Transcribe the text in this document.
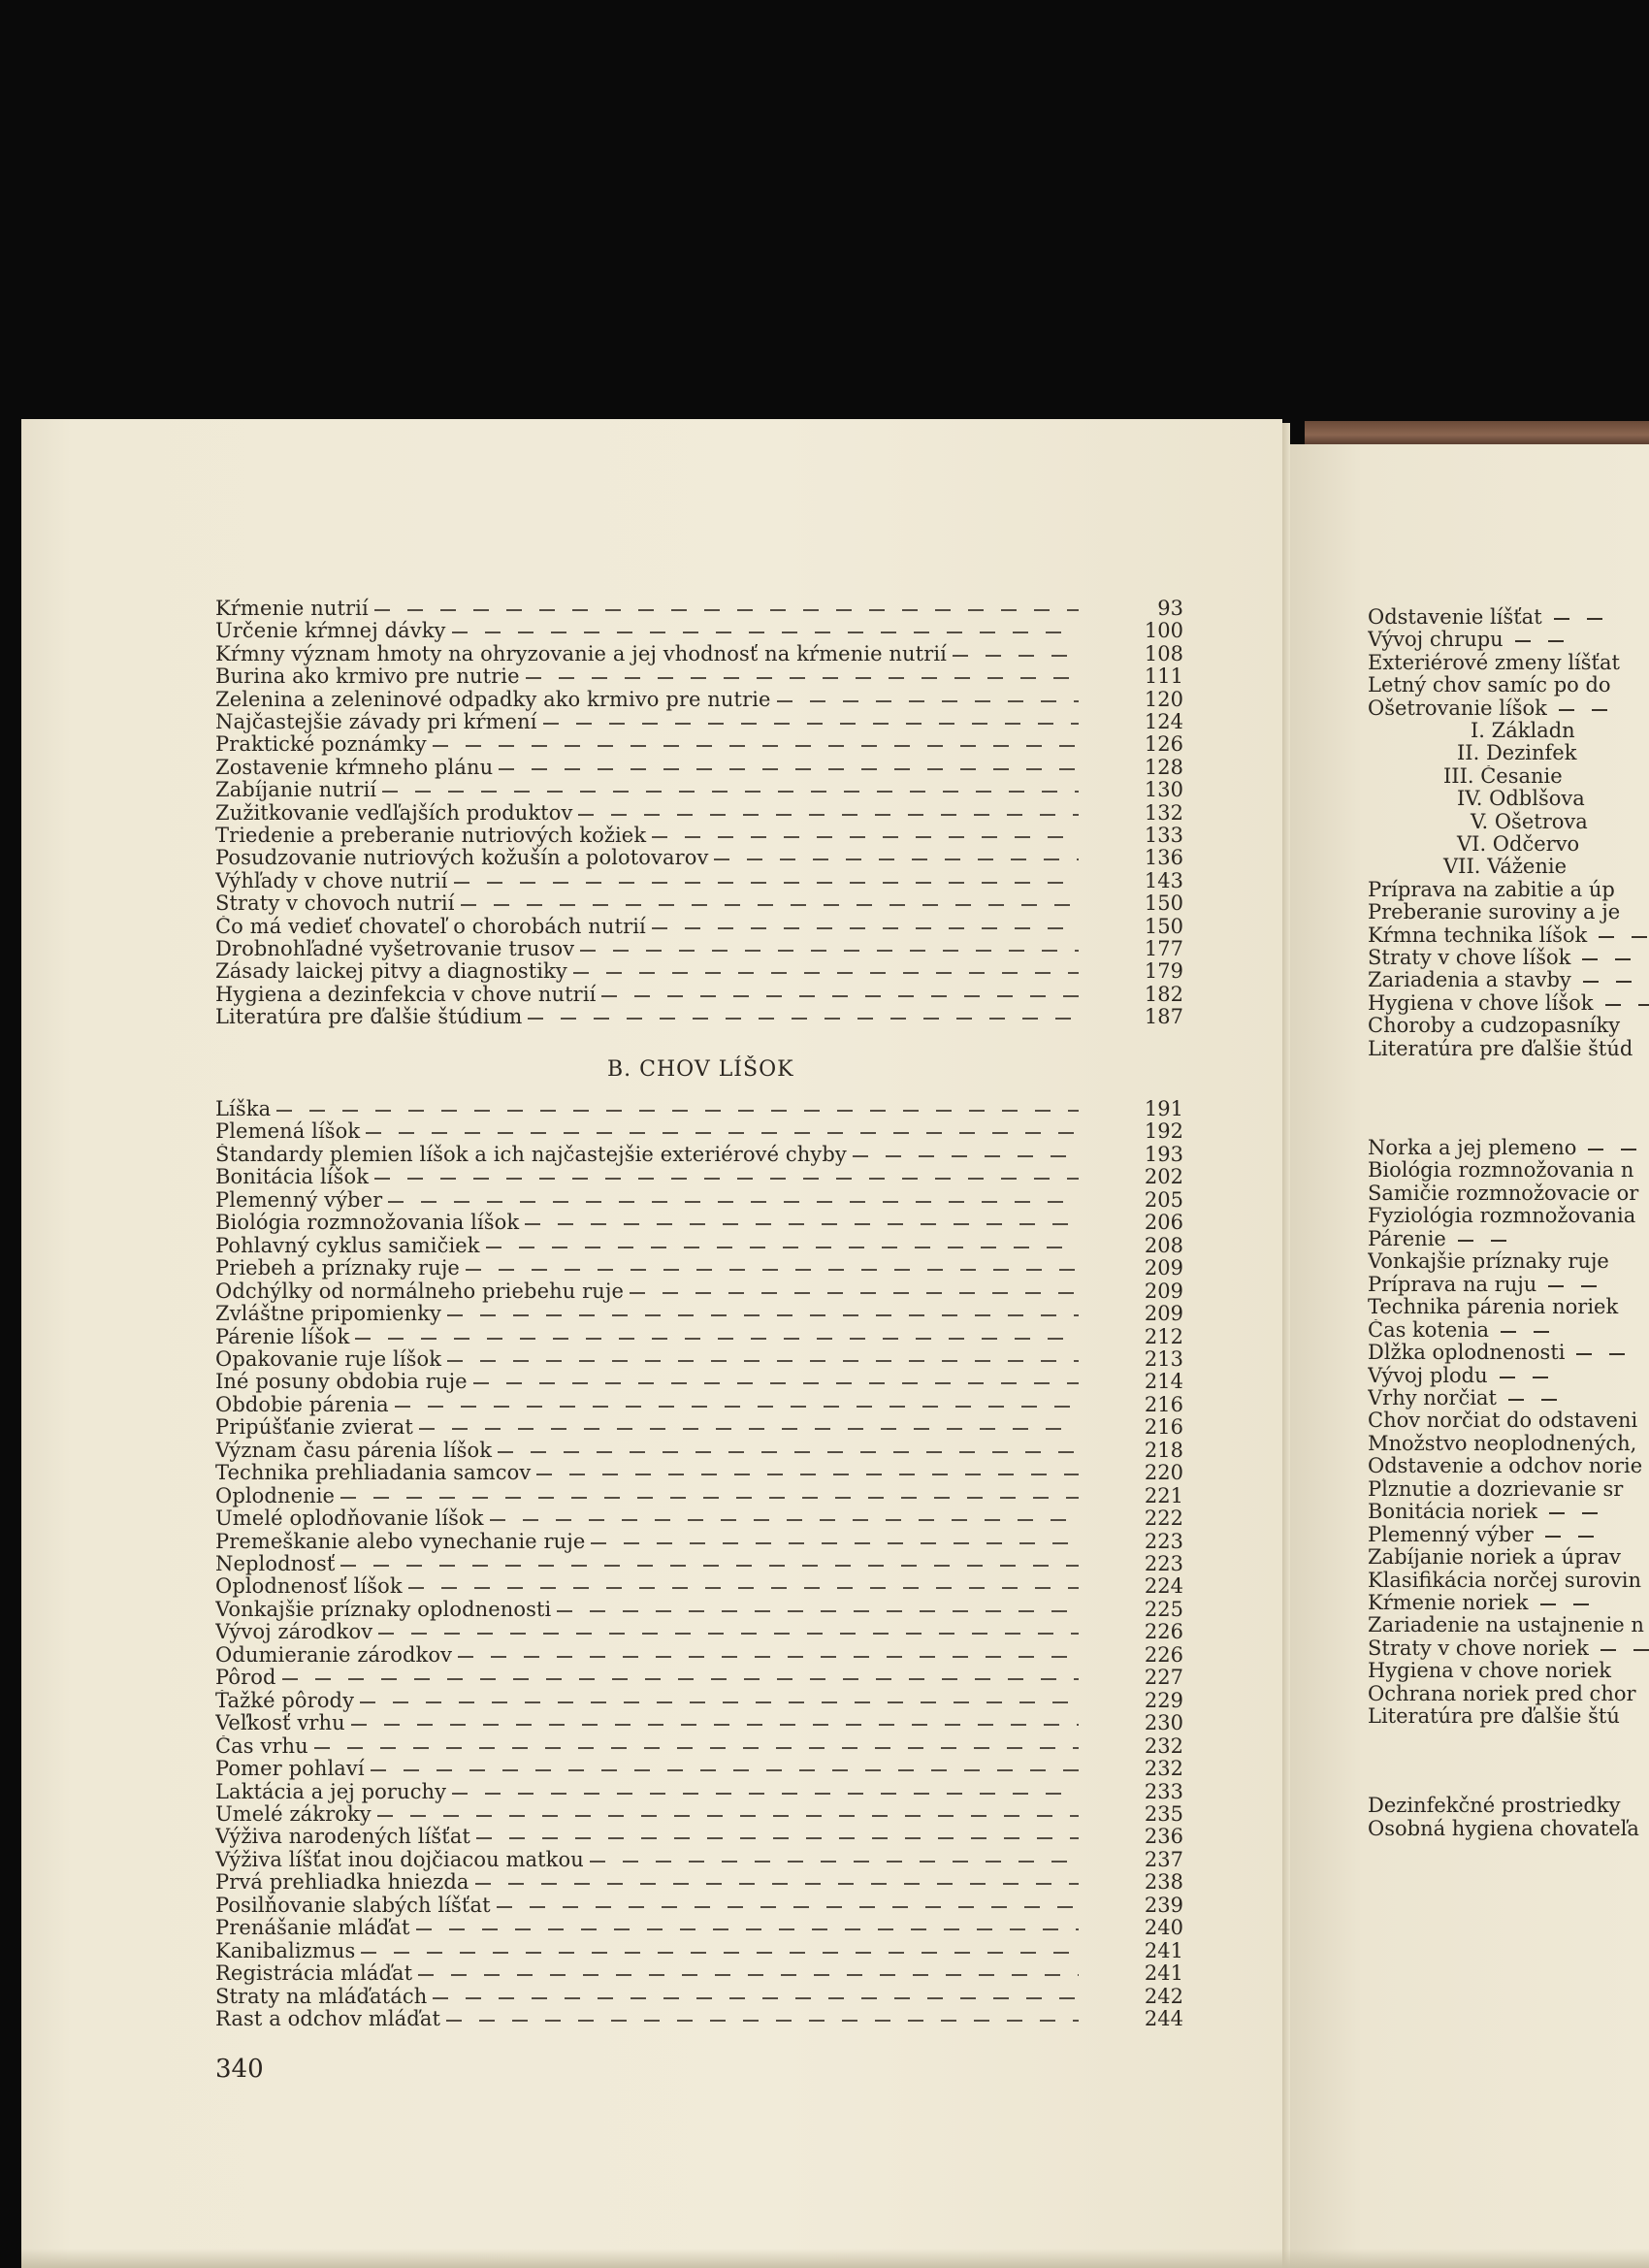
Kŕmenie nutrií	93
Určenie kŕmnej dávky	100
Kŕmny význam hmoty na ohryzovanie a jej vhodnosť na kŕmenie nutrií	108
Burina ako krmivo pre nutrie	111
Zelenina a zeleninové odpadky ako krmivo pre nutrie	120
Najčastejšie závady pri kŕmení	124
Praktické poznámky	126
Zostavenie kŕmneho plánu	128
Zabíjanie nutrií	130
Zužitkovanie vedľajších produktov	132
Triedenie a preberanie nutriových kožiek	133
Posudzovanie nutriových kožušín a polotovarov	136
Výhľady v chove nutrií	143
Straty v chovoch nutrií	150
Čo má vedieť chovateľ o chorobách nutrií	150
Drobnohľadné vyšetrovanie trusov	177
Zásady laickej pitvy a diagnostiky	179
Hygiena a dezinfekcia v chove nutrií	182
Literatúra pre ďalšie štúdium	187
B. CHOV LÍŠOK
Líška	191
Plemená líšok	192
Štandardy plemien líšok a ich najčastejšie exteriérové chyby	193
Bonitácia líšok	202
Plemenný výber	205
Biológia rozmnožovania líšok	206
Pohlavný cyklus samičiek	208
Priebeh a príznaky ruje	209
Odchýlky od normálneho priebehu ruje	209
Zvláštne pripomienky	209
Párenie líšok	212
Opakovanie ruje líšok	213
Iné posuny obdobia ruje	214
Obdobie párenia	216
Pripúšťanie zvierat	216
Význam času párenia líšok	218
Technika prehliadania samcov	220
Oplodnenie	221
Umelé oplodňovanie líšok	222
Premeškanie alebo vynechanie ruje	223
Neplodnosť	223
Oplodnenosť líšok	224
Vonkajšie príznaky oplodnenosti	225
Vývoj zárodkov	226
Odumieranie zárodkov	226
Pôrod	227
Ťažké pôrody	229
Veľkosť vrhu	230
Čas vrhu	232
Pomer pohlaví	232
Laktácia a jej poruchy	233
Umelé zákroky	235
Výživa narodených líšťat	236
Výživa líšťat inou dojčiacou matkou	237
Prvá prehliadka hniezda	238
Posilňovanie slabých líšťat	239
Prenášanie mláďat	240
Kanibalizmus	241
Registrácia mláďat	241
Straty na mláďatách	242
Rast a odchov mláďat	244
340
Odstavenie líšťat
Vývoj chrupu
Exteriérové zmeny líšťat
Letný chov samíc po do
Ošetrovanie líšok
I. Základn
II. Dezinfek
III. Česanie
IV. Odblšova
V. Ošetrova
VI. Odčervo
VII. Váženie
Príprava na zabitie a úp
Preberanie suroviny a je
Kŕmna technika líšok
Straty v chove líšok
Zariadenia a stavby
Hygiena v chove líšok
Choroby a cudzopasníky
Literatúra pre ďalšie štúd
Norka a jej plemeno
Biológia rozmnožovania n
Samičie rozmnožovacie or
Fyziológia rozmnožovania
Párenie
Vonkajšie príznaky ruje
Príprava na ruju
Technika párenia noriek
Čas kotenia
Dĺžka oplodnenosti
Vývoj plodu
Vrhy norčiat
Chov norčiat do odstaveni
Množstvo neoplodnených,
Odstavenie a odchov norie
Pĺznutie a dozrievanie sr
Bonitácia noriek
Plemenný výber
Zabíjanie noriek a úprav
Klasifikácia norčej surovin
Kŕmenie noriek
Zariadenie na ustajnenie n
Straty v chove noriek
Hygiena v chove noriek
Ochrana noriek pred chor
Literatúra pre ďalšie štú
Dezinfekčné prostriedky
Osobná hygiena chovateľa
